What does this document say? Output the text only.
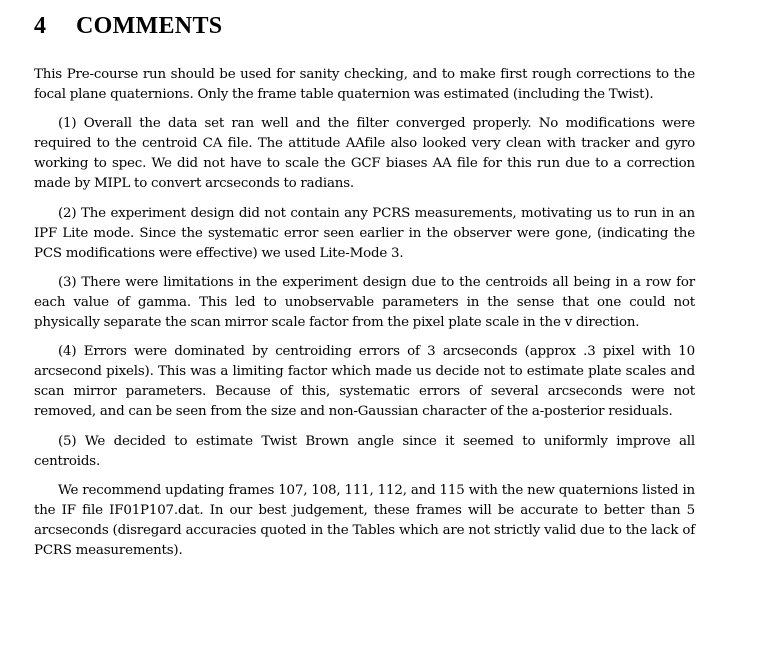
4 COMMENTS

This Pre-course run should be used for sanity checking, and to make first rough corrections to the focal plane quaternions. Only the frame table quaternion was estimated (including the Twist).

(1) Overall the data set ran well and the filter converged properly. No modifications were required to the centroid CA file. The attitude AAfile also looked very clean with tracker and gyro working to spec. We did not have to scale the GCF biases AA file for this run due to a correction made by MIPL to convert arcseconds to radians.

(2) The experiment design did not contain any PCRS measurements, motivating us to run in an IPF Lite mode. Since the systematic error seen earlier in the observer were gone, (indicating the PCS modifications were effective) we used Lite-Mode 3.

(3) There were limitations in the experiment design due to the centroids all being in a row for each value of gamma. This led to unobservable parameters in the sense that one could not physically separate the scan mirror scale factor from the pixel plate scale in the v direction.

(4) Errors were dominated by centroiding errors of 3 arcseconds (approx .3 pixel with 10 arcsecond pixels). This was a limiting factor which made us decide not to estimate plate scales and scan mirror parameters. Because of this, systematic errors of several arcseconds were not removed, and can be seen from the size and non-Gaussian character of the a-posterior residuals.

(5) We decided to estimate Twist Brown angle since it seemed to uniformly improve all centroids.

We recommend updating frames 107, 108, 111, 112, and 115 with the new quaternions listed in the IF file IF01P107.dat. In our best judgement, these frames will be accurate to better than 5 arcseconds (disregard accuracies quoted in the Tables which are not strictly valid due to the lack of PCRS measurements).
